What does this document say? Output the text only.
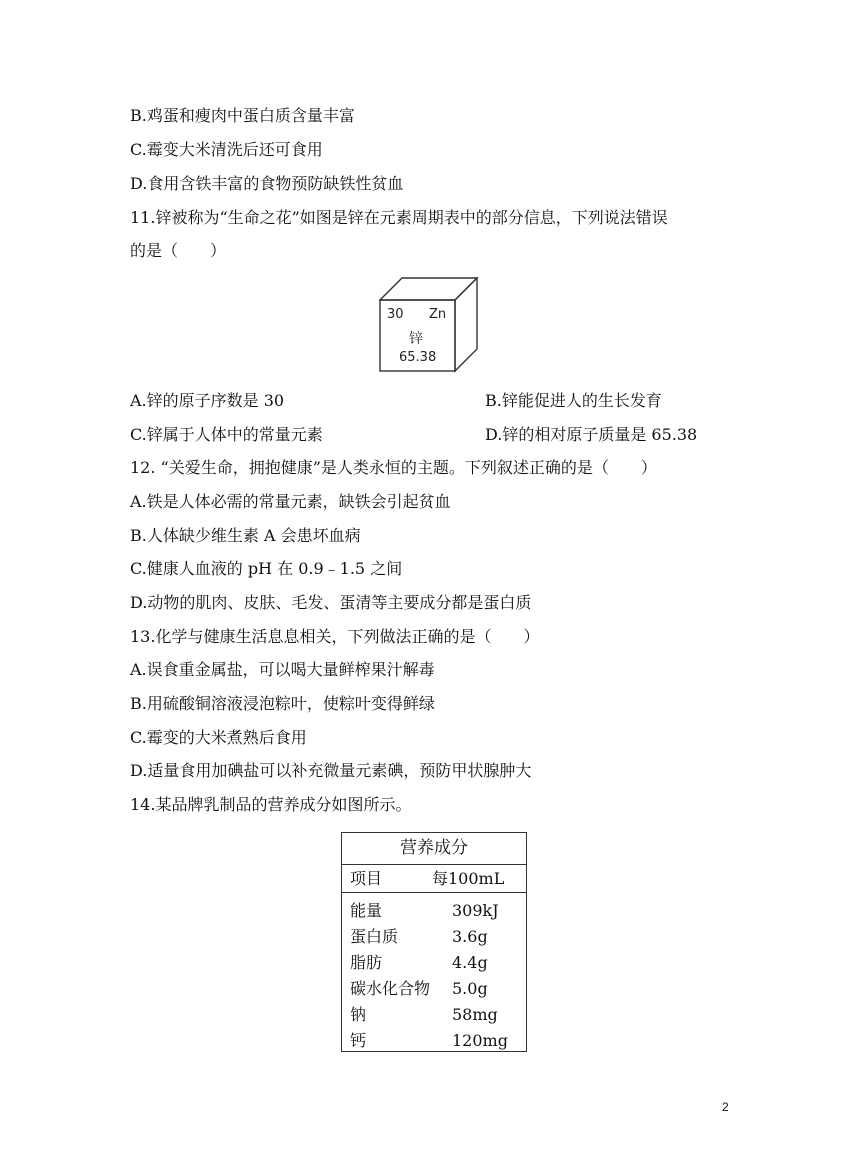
B.鸡蛋和瘦肉中蛋白质含量丰富
C.霉变大米清洗后还可食用
D.食用含铁丰富的食物预防缺铁性贫血
11.锌被称为“生命之花”如图是锌在元素周期表中的部分信息，下列说法错误
的是（　　）
30 Zn
锌
65.38
A.锌的原子序数是 30	B.锌能促进人的生长发育
C.锌属于人体中的常量元素	D.锌的相对原子质量是 65.38
12. “关爱生命，拥抱健康”是人类永恒的主题。下列叙述正确的是（　　）
A.铁是人体必需的常量元素，缺铁会引起贫血
B.人体缺少维生素 A 会患坏血病
C.健康人血液的 pH 在 0.9﹣1.5 之间
D.动物的肌肉、皮肤、毛发、蛋清等主要成分都是蛋白质
13.化学与健康生活息息相关，下列做法正确的是（　　）
A.误食重金属盐，可以喝大量鲜榨果汁解毒
B.用硫酸铜溶液浸泡粽叶，使粽叶变得鲜绿
C.霉变的大米煮熟后食用
D.适量食用加碘盐可以补充微量元素碘，预防甲状腺肿大
14.某品牌乳制品的营养成分如图所示。
营养成分
项目	每100mL
能量	309kJ
蛋白质	3.6g
脂肪	4.4g
碳水化合物 5.0g
钠	58mg
钙	120mg
2
